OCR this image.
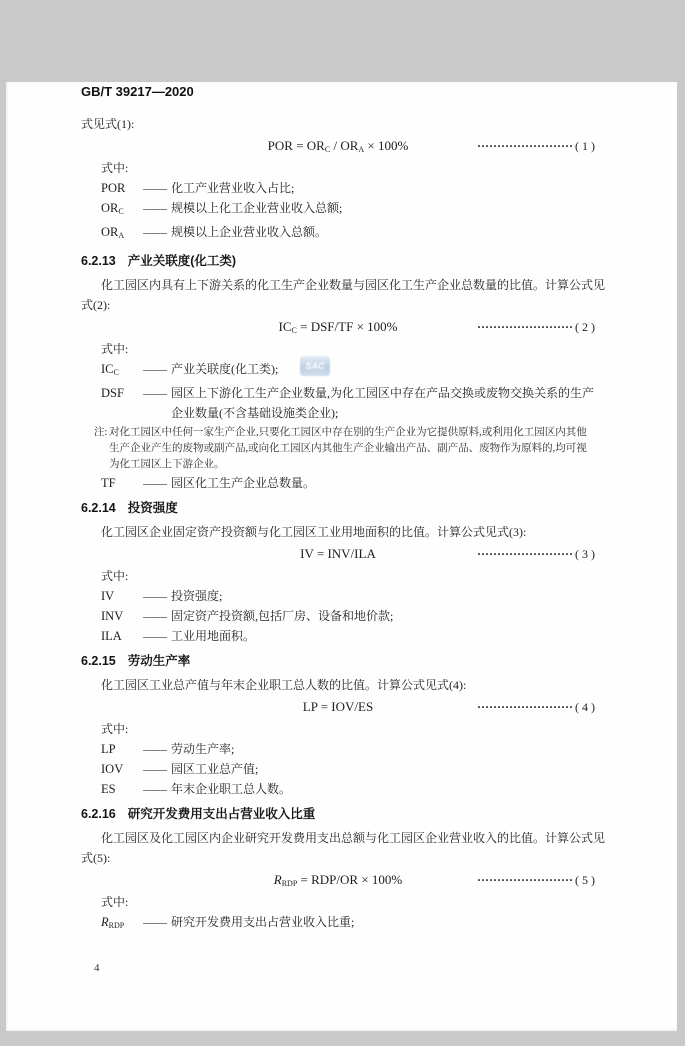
GB/T 39217—2020
式见式(1):
POR = $OR_C / OR_A \times 100\%$	························ ( 1 )
式中:
POR	—— 化工产业营业收入占比;
$OR_C$	—— 规模以上化工企业营业收入总额;
$OR_A$	—— 规模以上企业营业收入总额。
6.2.13 产业关联度(化工类)
化工园区内具有上下游关系的化工生产企业数量与园区化工生产企业总数量的比值。计算公式见
式(2):
$IC_C = DSF/TF \times 100\%$	························ ( 2 )
式中:
$IC_C$	—— 产业关联度(化工类);
DSF	—— 园区上下游化工生产企业数量,为化工园区中存在产品交换或废物交换关系的生产企业数量(不含基础设施类企业);
注: 对化工园区中任何一家生产企业,只要化工园区中存在别的生产企业为它提供原料,或利用化工园区内其他生产企业产生的废物或副产品,或向化工园区内其他生产企业输出产品、副产品、废物作为原料的,均可视为化工园区上下游企业。
TF	—— 园区化工生产企业总数量。
6.2.14 投资强度
化工园区企业固定资产投资额与化工园区工业用地面积的比值。计算公式见式(3):
IV = INV/ILA	························ ( 3 )
式中:
IV	—— 投资强度;
INV	—— 固定资产投资额,包括厂房、设备和地价款;
ILA	—— 工业用地面积。
6.2.15 劳动生产率
化工园区工业总产值与年末企业职工总人数的比值。计算公式见式(4):
LP = IOV/ES	························ ( 4 )
式中:
LP	—— 劳动生产率;
IOV	—— 园区工业总产值;
ES	—— 年末企业职工总人数。
6.2.16 研究开发费用支出占营业收入比重
化工园区及化工园区内企业研究开发费用支出总额与化工园区企业营业收入的比值。计算公式见
式(5):
$R_{RDP} = RDP/OR \times 100\%$	························ ( 5 )
式中:
$R_{RDP}$	—— 研究开发费用支出占营业收入比重;
SAC
4
